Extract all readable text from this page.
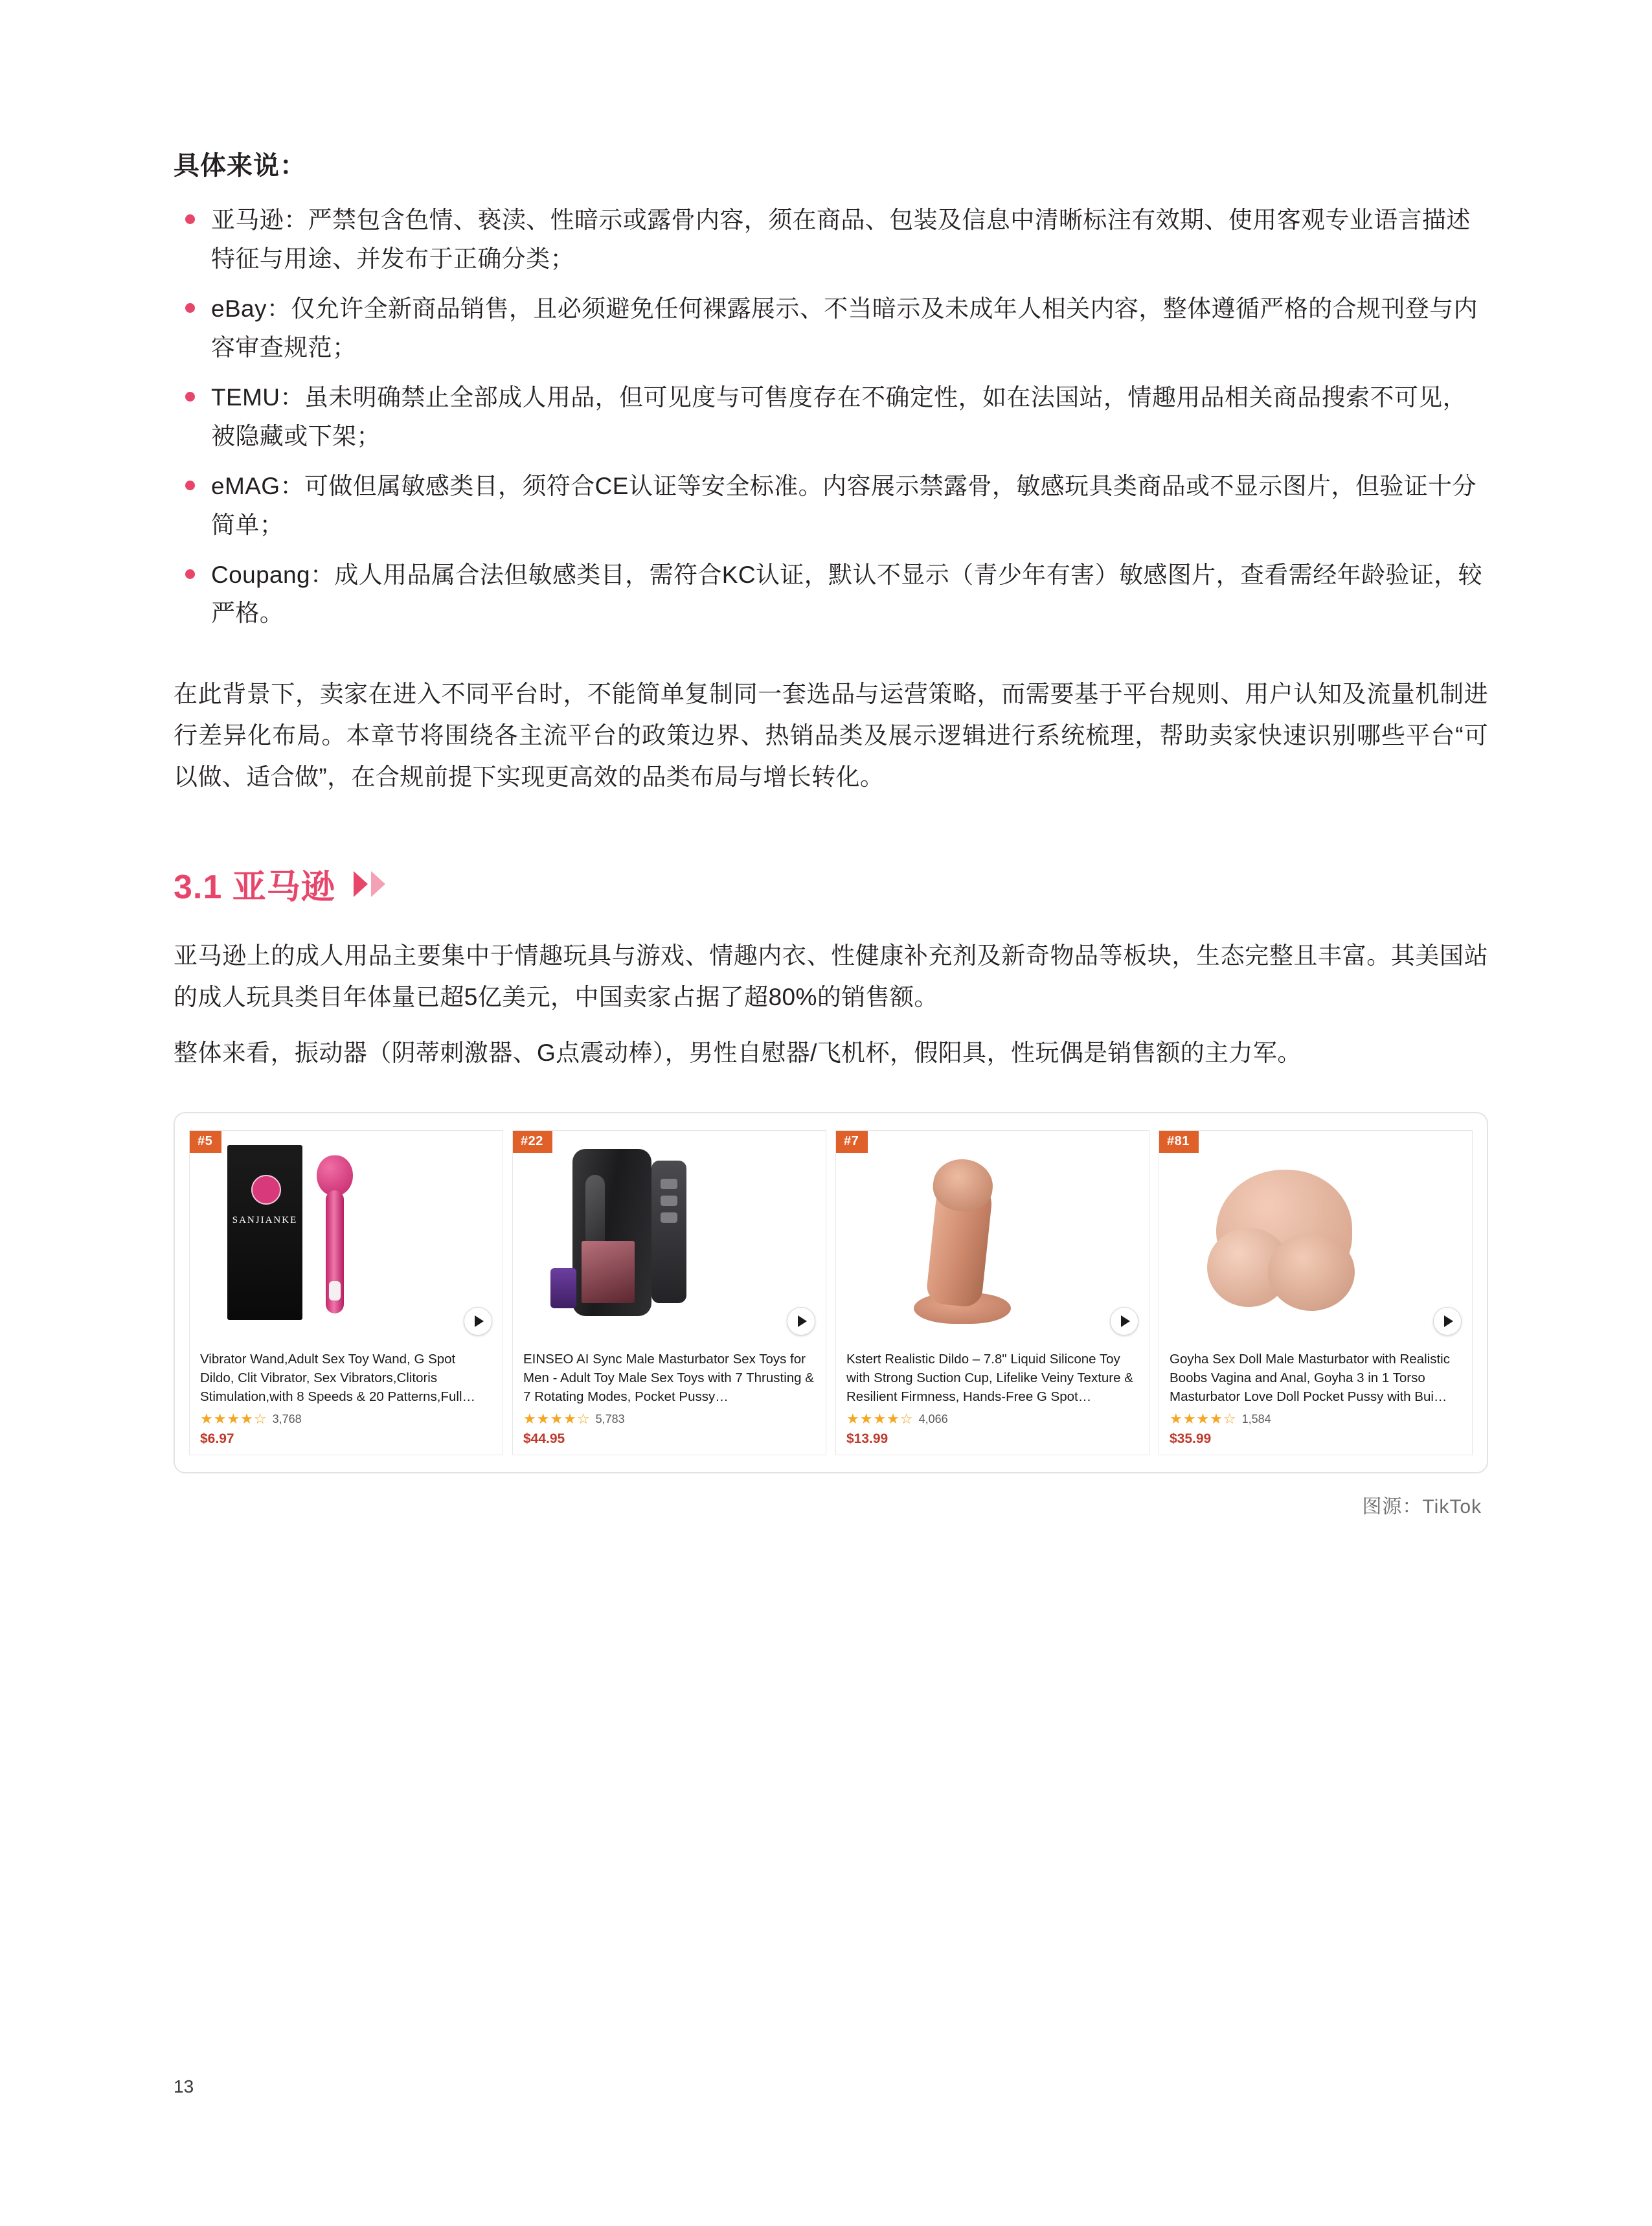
具体来说：
亚马逊：严禁包含色情、亵渎、性暗示或露骨内容，须在商品、包装及信息中清晰标注有效期、使用客观专业语言描述特征与用途、并发布于正确分类；
eBay：仅允许全新商品销售，且必须避免任何裸露展示、不当暗示及未成年人相关内容，整体遵循严格的合规刊登与内容审查规范；
TEMU：虽未明确禁止全部成人用品，但可见度与可售度存在不确定性，如在法国站，情趣用品相关商品搜索不可见，被隐藏或下架；
eMAG：可做但属敏感类目，须符合CE认证等安全标准。内容展示禁露骨，敏感玩具类商品或不显示图片，但验证十分简单；
Coupang：成人用品属合法但敏感类目，需符合KC认证，默认不显示（青少年有害）敏感图片，查看需经年龄验证，较严格。

在此背景下，卖家在进入不同平台时，不能简单复制同一套选品与运营策略，而需要基于平台规则、用户认知及流量机制进行差异化布局。本章节将围绕各主流平台的政策边界、热销品类及展示逻辑进行系统梳理，帮助卖家快速识别哪些平台“可以做、适合做”，在合规前提下实现更高效的品类布局与增长转化。

3.1 亚马逊

亚马逊上的成人用品主要集中于情趣玩具与游戏、情趣内衣、性健康补充剂及新奇物品等板块，生态完整且丰富。其美国站的成人玩具类目年体量已超5亿美元，中国卖家占据了超80%的销售额。

整体来看，振动器（阴蒂刺激器、G点震动棒），男性自慰器/飞机杯，假阳具，性玩偶是销售额的主力军。

#5
SANJIANKE
Vibrator Wand,Adult Sex Toy Wand, G Spot Dildo, Clit Vibrator, Sex Vibrators,Clitoris Stimulation,with 8 Speeds & 20 Patterns,Full…
★★★★☆ 3,768
$6.97
#22
EINSEO AI Sync Male Masturbator Sex Toys for Men - Adult Toy Male Sex Toys with 7 Thrusting & 7 Rotating Modes, Pocket Pussy…
★★★★☆ 5,783
$44.95
#7
Kstert Realistic Dildo – 7.8" Liquid Silicone Toy with Strong Suction Cup, Lifelike Veiny Texture & Resilient Firmness, Hands-Free G Spot…
★★★★☆ 4,066
$13.99
#81
Goyha Sex Doll Male Masturbator with Realistic Boobs Vagina and Anal, Goyha 3 in 1 Torso Masturbator Love Doll Pocket Pussy with Bui…
★★★★☆ 1,584
$35.99
图源：TikTok
13
